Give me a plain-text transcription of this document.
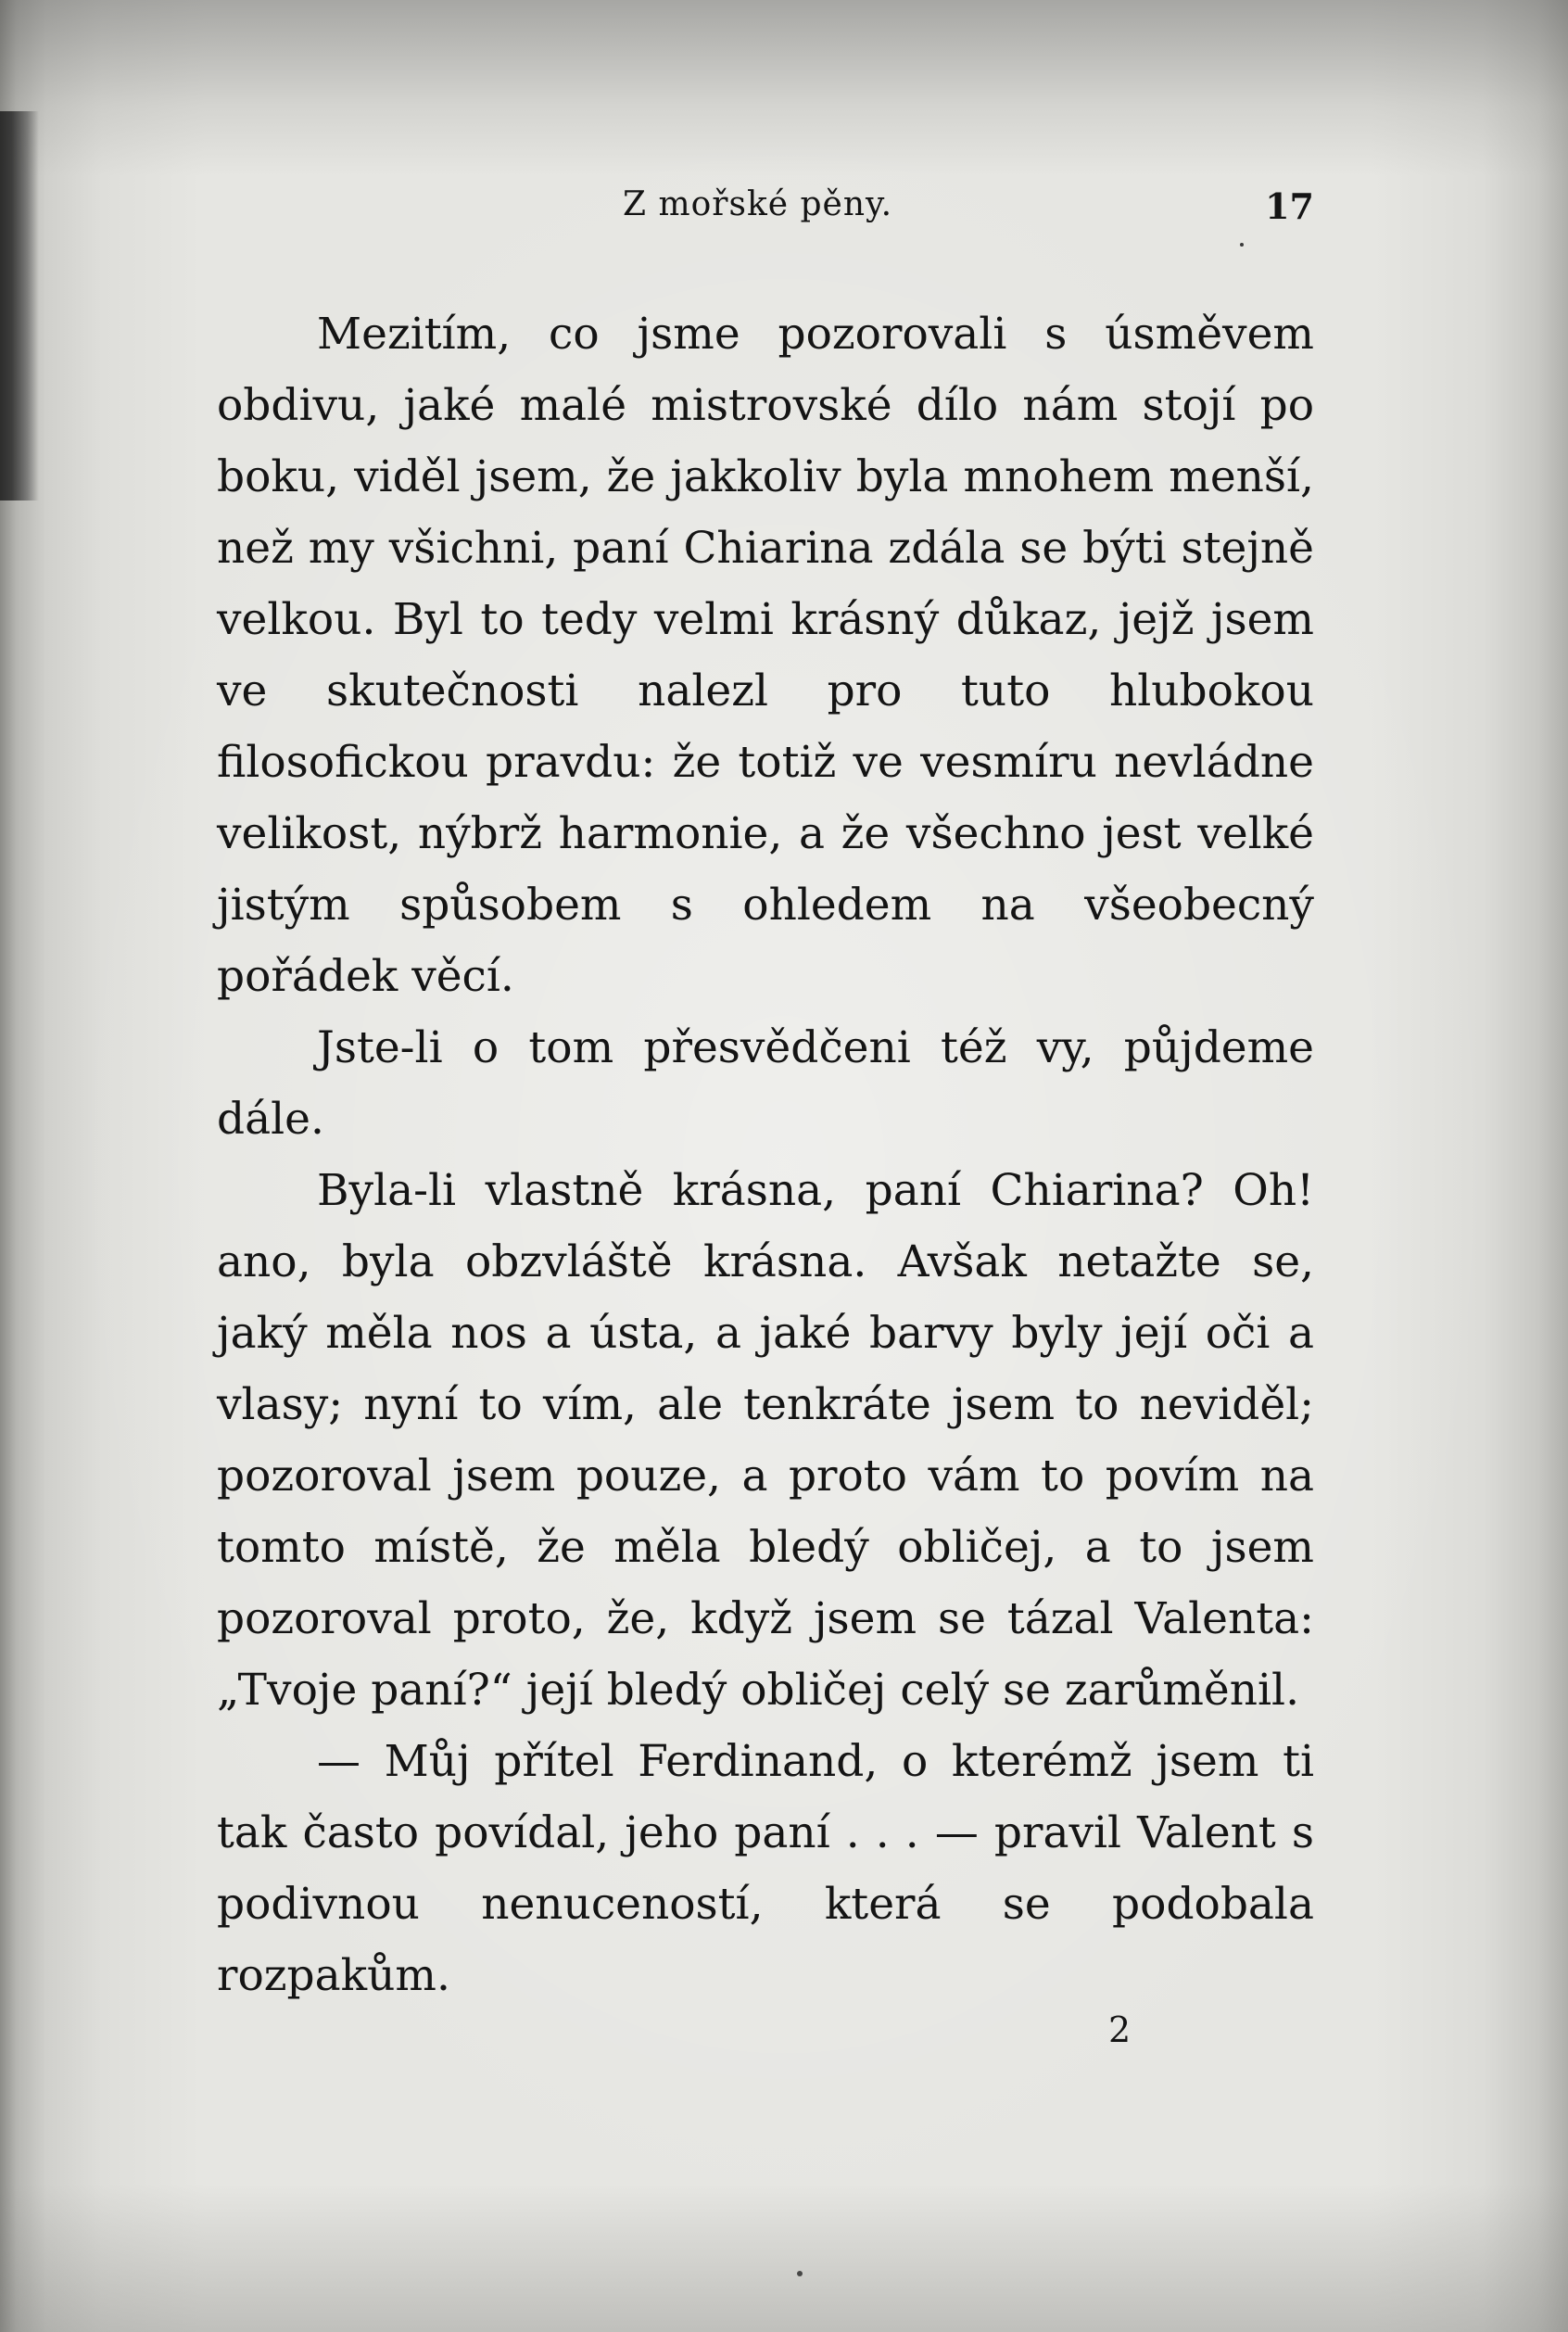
Z mořské pěny.	17

Mezitím, co jsme pozorovali s úsměvem obdivu, jaké malé mistrovské dílo nám stojí po boku, viděl jsem, že jakkoliv byla mnohem menší, než my všichni, paní Chiarina zdála se býti stejně velkou. Byl to tedy velmi krásný důkaz, jejž jsem ve skutečnosti nalezl pro tuto hlubokou filosofickou pravdu: že totiž ve vesmíru nevládne velikost, nýbrž harmonie, a že všechno jest velké jistým spůsobem s ohledem na všeobecný pořádek věcí.

Jste-li o tom přesvědčeni též vy, půjdeme dále.

Byla-li vlastně krásna, paní Chiarina? Oh! ano, byla obzvláště krásna. Avšak netažte se, jaký měla nos a ústa, a jaké barvy byly její oči a vlasy; nyní to vím, ale tenkráte jsem to neviděl; pozoroval jsem pouze, a proto vám to povím na tomto místě, že měla bledý obličej, a to jsem pozoroval proto, že, když jsem se tázal Valenta: „Tvoje paní?“ její bledý obličej celý se zarůměnil.

— Můj přítel Ferdinand, o kterémž jsem ti tak často povídal, jeho paní . . . — pravil Valent s podivnou nenuceností, která se podobala rozpakům.

2
